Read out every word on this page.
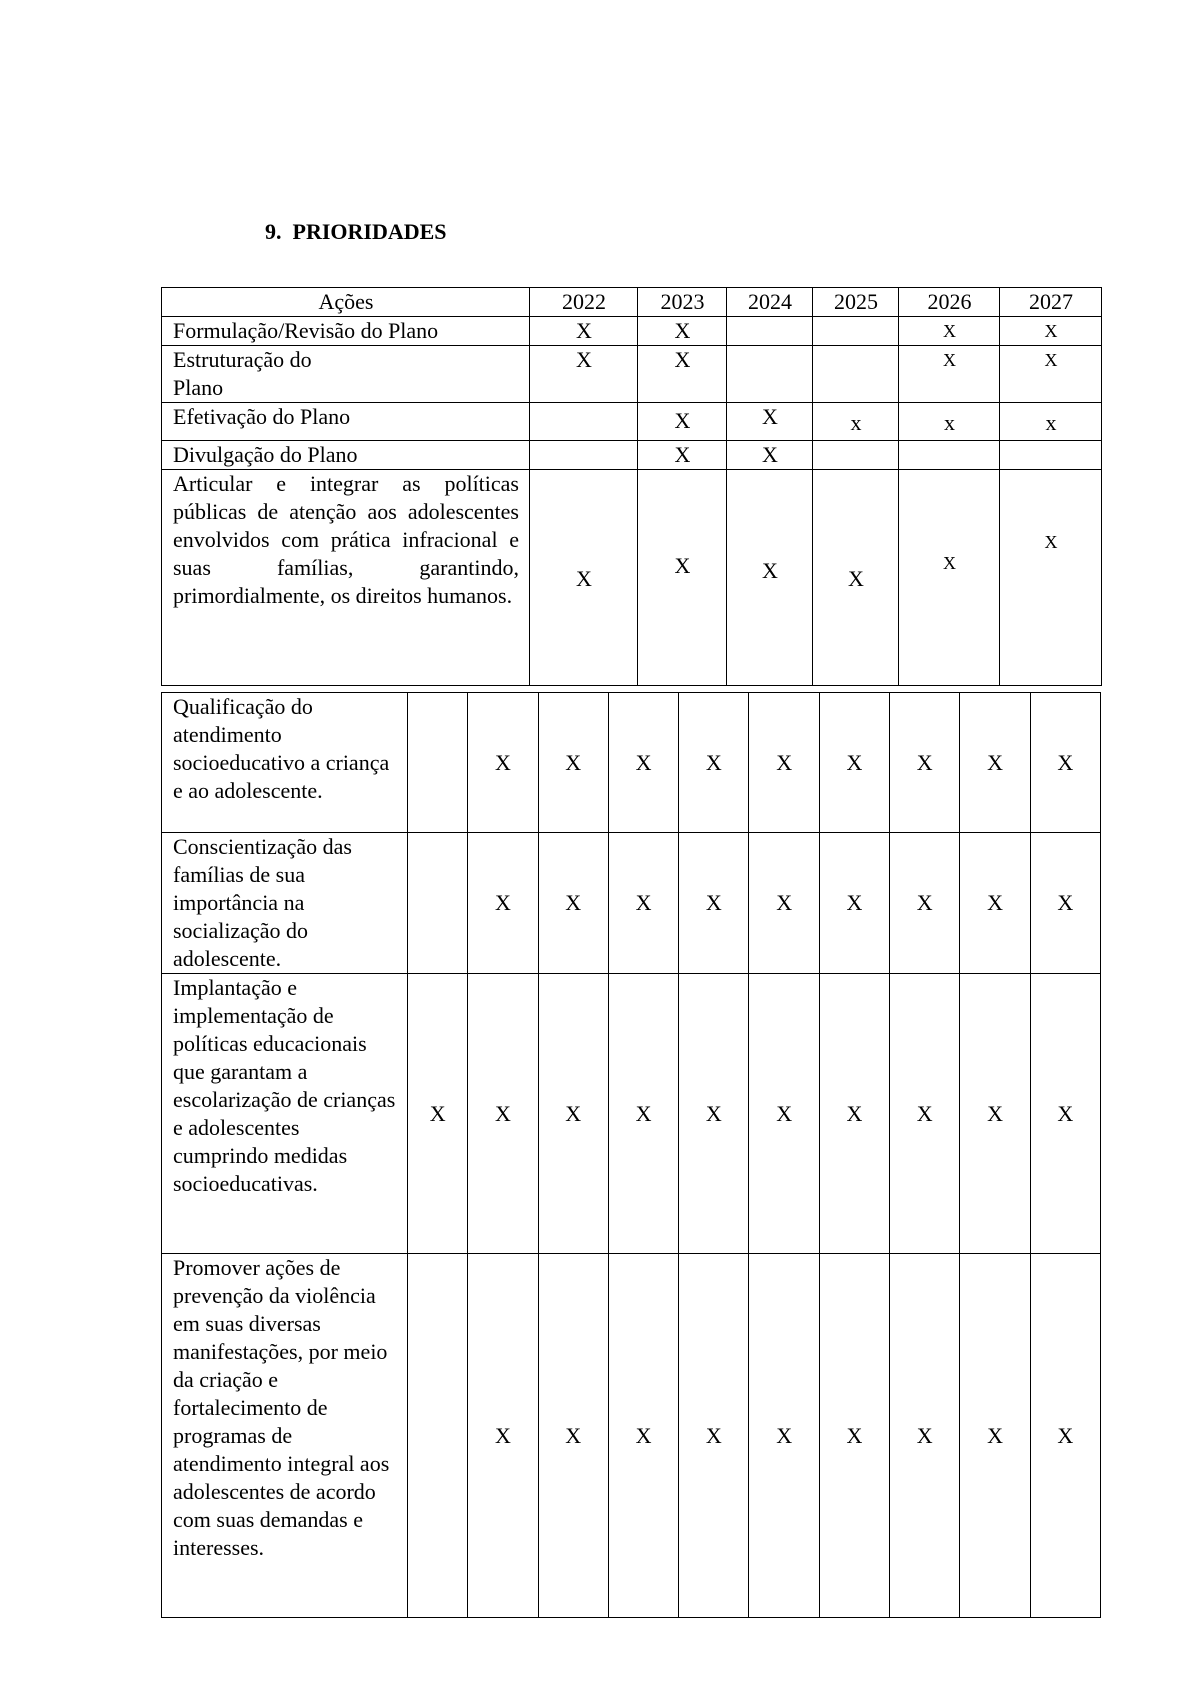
9. PRIORIDADES
Ações	2022	2023	2024	2025	2026	2027
Formulação/Revisão do Plano	X	X			X	X
Estruturação do Plano	X	X			X	X
Efetivação do Plano		X	X	x	x	x
Divulgação do Plano		X	X			
Articular e integrar as políticas públicas de atenção aos adolescentes envolvidos com prática infracional e suas famílias, garantindo, primordialmente, os direitos humanos.	X	X	X	X	X	X
Qualificação do atendimento socioeducativo a criança e ao adolescente.		X	X	X	X	X	X	X	X	X
Conscientização das famílias de sua importância na socialização do adolescente.		X	X	X	X	X	X	X	X	X
Implantação e implementação de políticas educacionais que garantam a escolarização de crianças e adolescentes cumprindo medidas socioeducativas.	X	X	X	X	X	X	X	X	X	X
Promover ações de prevenção da violência em suas diversas manifestações, por meio da criação e fortalecimento de programas de atendimento integral aos adolescentes de acordo com suas demandas e interesses.		X	X	X	X	X	X	X	X	X
